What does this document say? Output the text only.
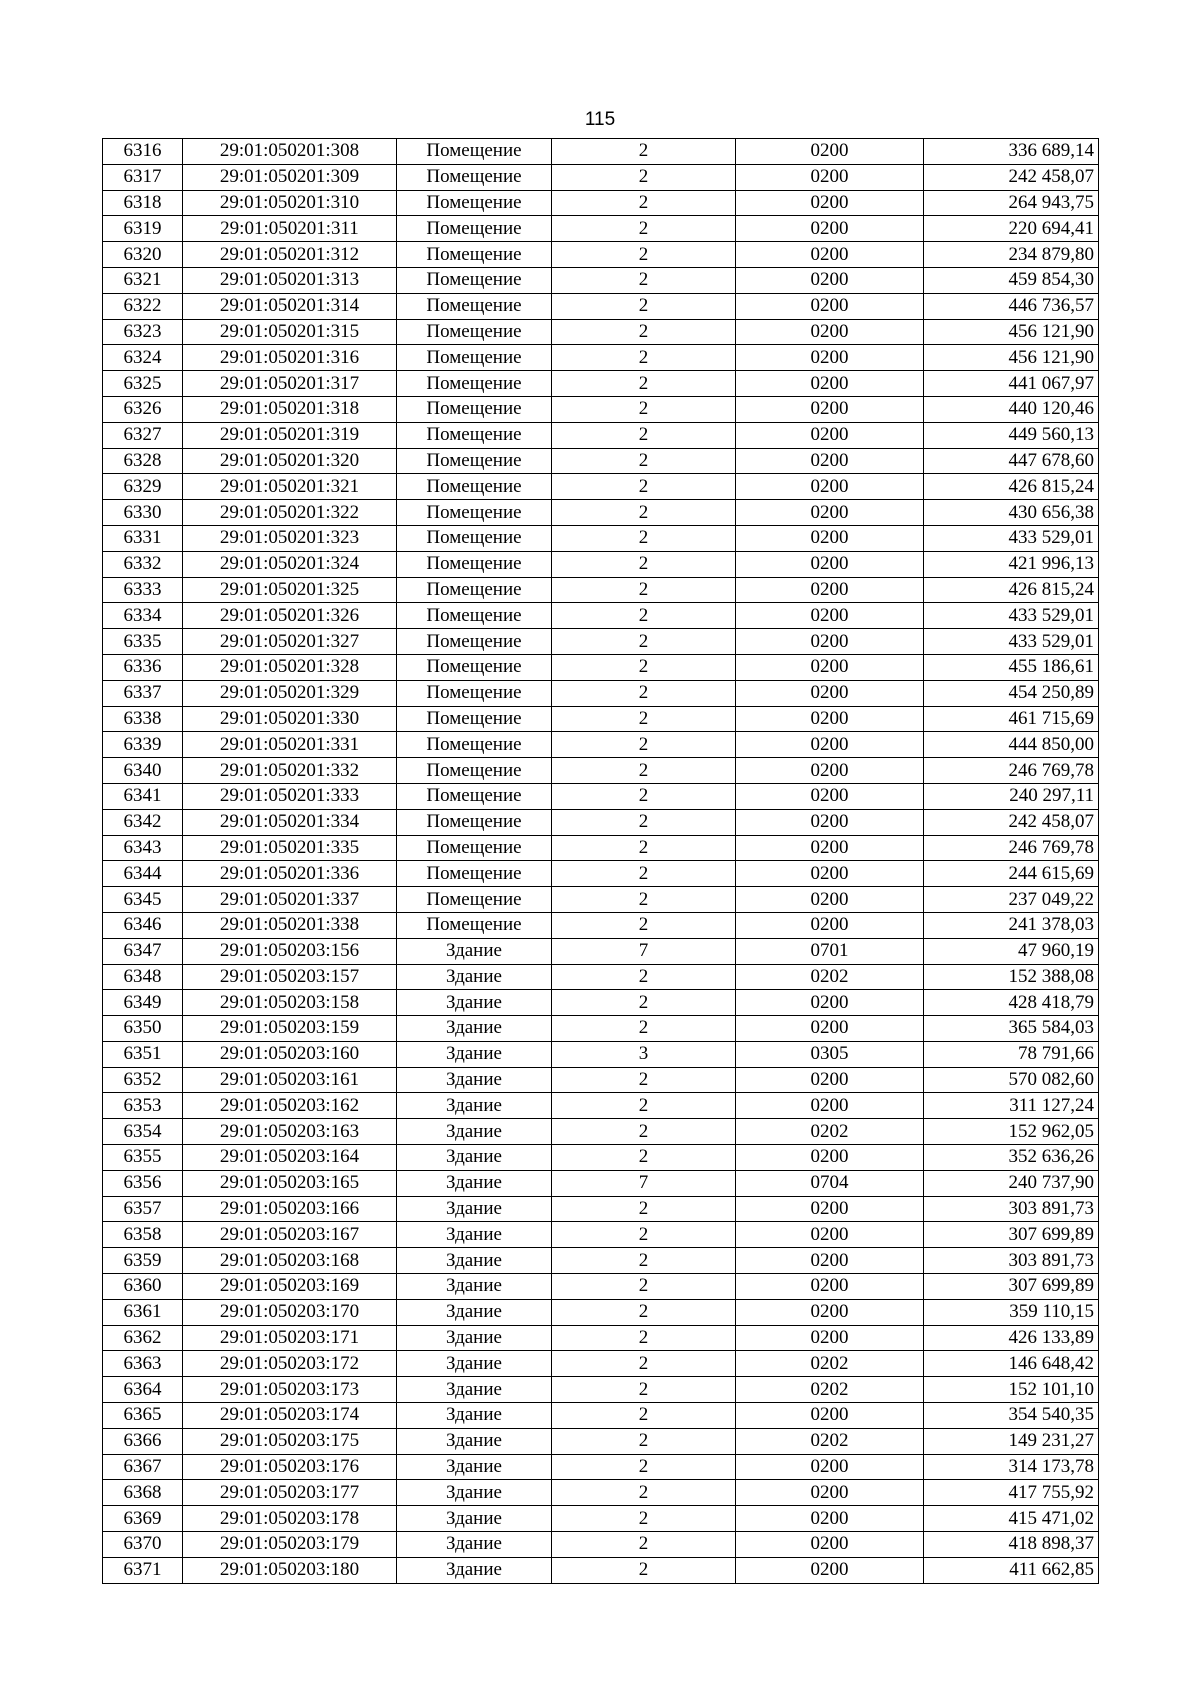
115
6316	29:01:050201:308	Помещение	2	0200	336 689,14
6317	29:01:050201:309	Помещение	2	0200	242 458,07
6318	29:01:050201:310	Помещение	2	0200	264 943,75
6319	29:01:050201:311	Помещение	2	0200	220 694,41
6320	29:01:050201:312	Помещение	2	0200	234 879,80
6321	29:01:050201:313	Помещение	2	0200	459 854,30
6322	29:01:050201:314	Помещение	2	0200	446 736,57
6323	29:01:050201:315	Помещение	2	0200	456 121,90
6324	29:01:050201:316	Помещение	2	0200	456 121,90
6325	29:01:050201:317	Помещение	2	0200	441 067,97
6326	29:01:050201:318	Помещение	2	0200	440 120,46
6327	29:01:050201:319	Помещение	2	0200	449 560,13
6328	29:01:050201:320	Помещение	2	0200	447 678,60
6329	29:01:050201:321	Помещение	2	0200	426 815,24
6330	29:01:050201:322	Помещение	2	0200	430 656,38
6331	29:01:050201:323	Помещение	2	0200	433 529,01
6332	29:01:050201:324	Помещение	2	0200	421 996,13
6333	29:01:050201:325	Помещение	2	0200	426 815,24
6334	29:01:050201:326	Помещение	2	0200	433 529,01
6335	29:01:050201:327	Помещение	2	0200	433 529,01
6336	29:01:050201:328	Помещение	2	0200	455 186,61
6337	29:01:050201:329	Помещение	2	0200	454 250,89
6338	29:01:050201:330	Помещение	2	0200	461 715,69
6339	29:01:050201:331	Помещение	2	0200	444 850,00
6340	29:01:050201:332	Помещение	2	0200	246 769,78
6341	29:01:050201:333	Помещение	2	0200	240 297,11
6342	29:01:050201:334	Помещение	2	0200	242 458,07
6343	29:01:050201:335	Помещение	2	0200	246 769,78
6344	29:01:050201:336	Помещение	2	0200	244 615,69
6345	29:01:050201:337	Помещение	2	0200	237 049,22
6346	29:01:050201:338	Помещение	2	0200	241 378,03
6347	29:01:050203:156	Здание	7	0701	47 960,19
6348	29:01:050203:157	Здание	2	0202	152 388,08
6349	29:01:050203:158	Здание	2	0200	428 418,79
6350	29:01:050203:159	Здание	2	0200	365 584,03
6351	29:01:050203:160	Здание	3	0305	78 791,66
6352	29:01:050203:161	Здание	2	0200	570 082,60
6353	29:01:050203:162	Здание	2	0200	311 127,24
6354	29:01:050203:163	Здание	2	0202	152 962,05
6355	29:01:050203:164	Здание	2	0200	352 636,26
6356	29:01:050203:165	Здание	7	0704	240 737,90
6357	29:01:050203:166	Здание	2	0200	303 891,73
6358	29:01:050203:167	Здание	2	0200	307 699,89
6359	29:01:050203:168	Здание	2	0200	303 891,73
6360	29:01:050203:169	Здание	2	0200	307 699,89
6361	29:01:050203:170	Здание	2	0200	359 110,15
6362	29:01:050203:171	Здание	2	0200	426 133,89
6363	29:01:050203:172	Здание	2	0202	146 648,42
6364	29:01:050203:173	Здание	2	0202	152 101,10
6365	29:01:050203:174	Здание	2	0200	354 540,35
6366	29:01:050203:175	Здание	2	0202	149 231,27
6367	29:01:050203:176	Здание	2	0200	314 173,78
6368	29:01:050203:177	Здание	2	0200	417 755,92
6369	29:01:050203:178	Здание	2	0200	415 471,02
6370	29:01:050203:179	Здание	2	0200	418 898,37
6371	29:01:050203:180	Здание	2	0200	411 662,85
